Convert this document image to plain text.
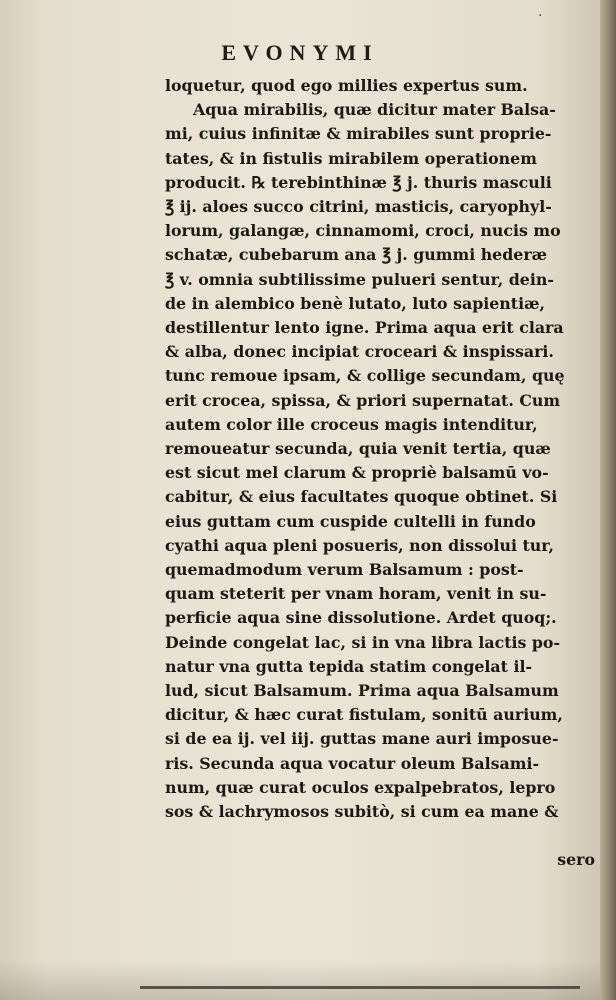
·
EVONYMI
loquetur, quod ego millies expertus sum.
Aqua mirabilis, quæ dicitur mater Balsa-
mi, cuius infinitæ & mirabiles sunt proprie-
tates, & in fistulis mirabilem operationem
producit. ℞ terebinthinæ ℥ j. thuris masculi
℥ ij. aloes succo citrini, masticis, caryophyl-
lorum, galangæ, cinnamomi, croci, nucis mo
schatæ, cubebarum ana ℥ j. gummi hederæ
℥ v. omnia subtilissime pulueri sentur, dein-
de in alembico benè lutato, luto sapientiæ,
destillentur lento igne. Prima aqua erit clara
& alba, donec incipiat croceari & inspissari.
tunc remoue ipsam, & collige secundam, quę
erit crocea, spissa, & priori supernatat. Cum
autem color ille croceus magis intenditur,
remoueatur secunda, quia venit tertia, quæ
est sicut mel clarum & propriè balsamū vo-
cabitur, & eius facultates quoque obtinet. Si
eius guttam cum cuspide cultelli in fundo
cyathi aqua pleni posueris, non dissolui tur,
quemadmodum verum Balsamum : post-
quam steterit per vnam horam, venit in su-
perficie aqua sine dissolutione. Ardet quoq;.
Deinde congelat lac, si in vna libra lactis po-
natur vna gutta tepida statim congelat il-
lud, sicut Balsamum. Prima aqua Balsamum
dicitur, & hæc curat fistulam, sonitū aurium,
si de ea ij. vel iij. guttas mane auri imposue-
ris. Secunda aqua vocatur oleum Balsami-
num, quæ curat oculos expalpebratos, lepro
sos & lachrymosos subitò, si cum ea mane &
sero
